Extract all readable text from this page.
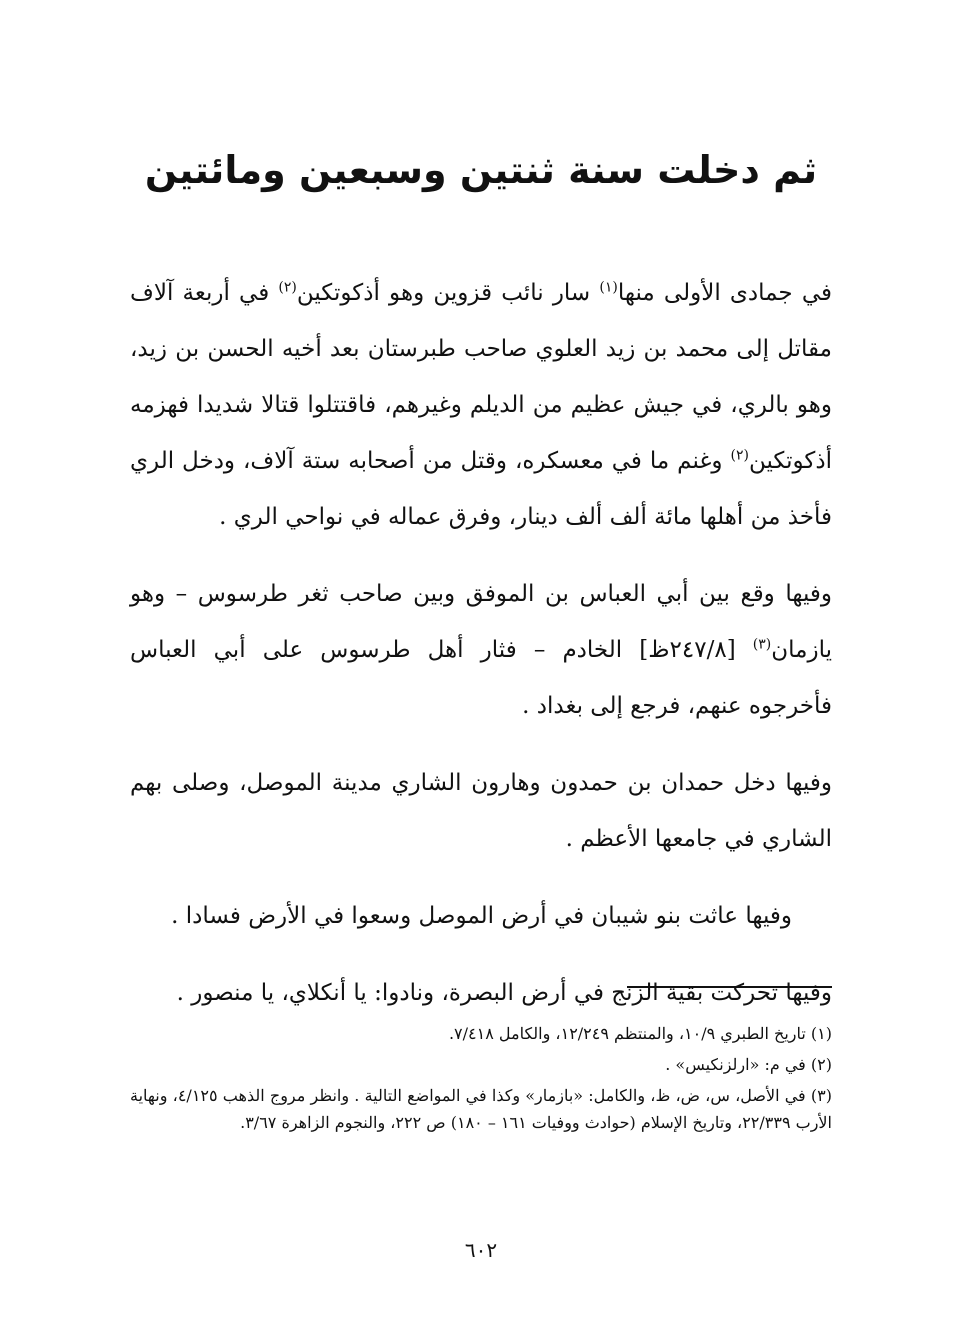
ثم دخلت سنة ثنتين وسبعين ومائتين

في جمادى الأولى منها$^{(١)}$ سار نائب قزوين وهو أذكوتكين$^{(٢)}$ في أربعة آلاف مقاتل إلى محمد بن زيد العلوي صاحب طبرستان بعد أخيه الحسن بن زيد، وهو بالري، في جيش عظيم من الديلم وغيرهم، فاقتتلوا قتالا شديدا فهزمه أذكوتكين$^{(٢)}$ وغنم ما في معسكره، وقتل من أصحابه ستة آلاف، ودخل الري فأخذ من أهلها مائة ألف ألف دينار، وفرق عماله في نواحي الري .

وفيها وقع بين أبي العباس بن الموفق وبين صاحب ثغر طرسوس – وهو يازمان$^{(٣)}$ [٢٤٧/٨ظ] الخادم – فثار أهل طرسوس على أبي العباس فأخرجوه عنهم، فرجع إلى بغداد .

وفيها دخل حمدان بن حمدون وهارون الشاري مدينة الموصل، وصلى بهم الشاري في جامعها الأعظم .

وفيها عاثت بنو شيبان في أرض الموصل وسعوا في الأرض فسادا .

وفيها تحركت بقية الزنج في أرض البصرة، ونادوا: يا أنكلاي، يا منصور .

(١) تاريخ الطبري ١٠/٩، والمنتظم ١٢/٢٤٩، والكامل ٧/٤١٨.

(٢) في م: «ارلزنكيس» .

(٣) في الأصل، س، ض، ظ، والكامل: «بازمار» وكذا في المواضع التالية . وانظر مروج الذهب ٤/١٢٥، ونهاية الأرب ٢٢/٣٣٩، وتاريخ الإسلام (حوادث ووفيات ١٦١ – ١٨٠) ص ٢٢٢، والنجوم الزاهرة ٣/٦٧.

٦٠٢
